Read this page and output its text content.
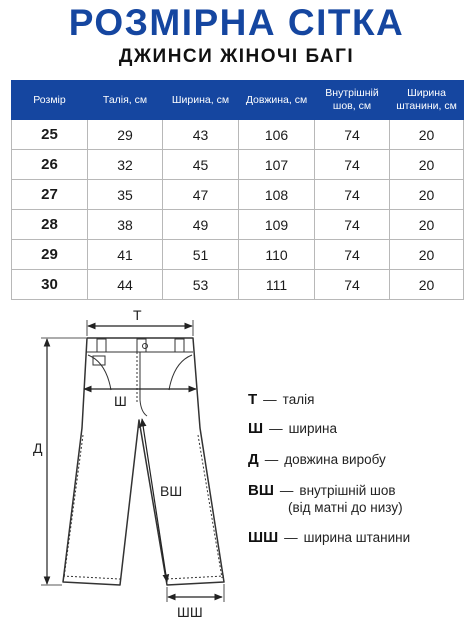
РОЗМІРНА СІТКА
ДЖИНСИ ЖІНОЧІ БАГІ
Розмір	Талія, см	Ширина, см	Довжина, см	Внутрішній шов, см	Ширина штанини, см
25	29	43	106	74	20
26	32	45	107	74	20
27	35	47	108	74	20
28	38	49	109	74	20
29	41	51	110	74	20
30	44	53	111	74	20
Т
Ш
Д
ВШ
ШШ
Т — талія
Ш — ширина
Д — довжина виробу
ВШ — внутрішній шов
(від матні до низу)
ШШ — ширина штанини
